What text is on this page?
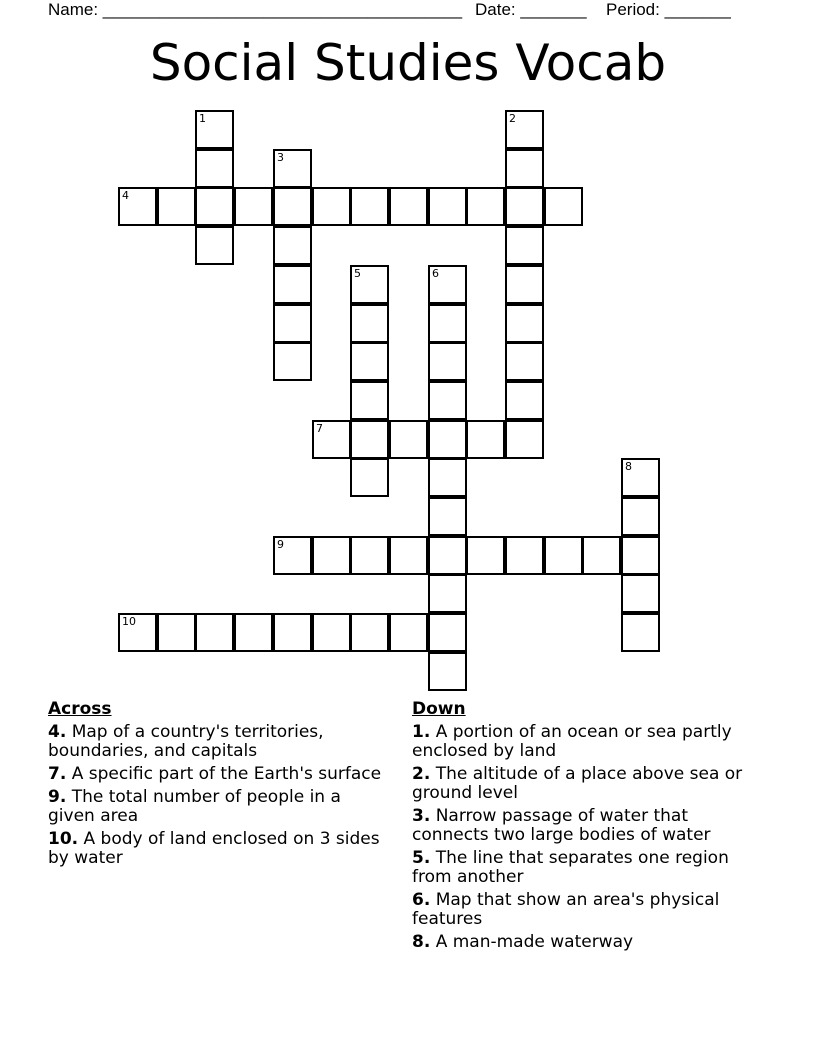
Name: ______________________________________ Date: _______ Period: _______
Social Studies Vocab
1	2
3
4
5	6
7
8
9
10
Across
4. Map of a country's territories, boundaries, and capitals
7. A specific part of the Earth's surface
9. The total number of people in a given area
10. A body of land enclosed on 3 sides by water
Down
1. A portion of an ocean or sea partly enclosed by land
2. The altitude of a place above sea or ground level
3. Narrow passage of water that connects two large bodies of water
5. The line that separates one region from another
6. Map that show an area's physical features
8. A man-made waterway
